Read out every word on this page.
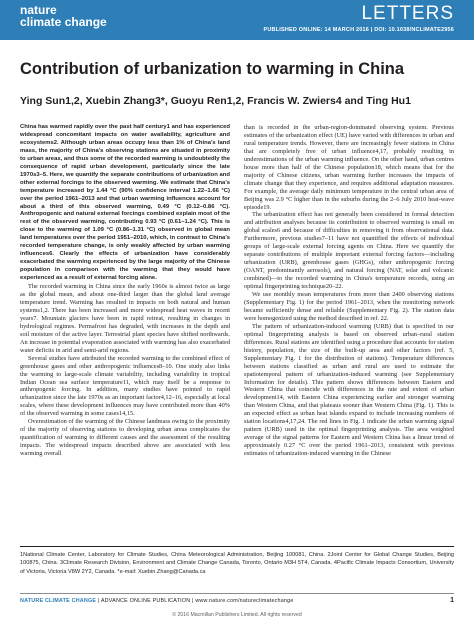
nature
climate change	LETTERS
PUBLISHED ONLINE: 14 MARCH 2016 | DOI: 10.1038/NCLIMATE2956
Contribution of urbanization to warming in China
Ying Sun1,2, Xuebin Zhang3*, Guoyu Ren1,2, Francis W. Zwiers4 and Ting Hu1

China has warmed rapidly over the past half century1 and has experienced widespread concomitant impacts on water availability, agriculture and ecosystems2. Although urban areas occupy less than 1% of China's land mass, the majority of China's observing stations are situated in proximity to urban areas, and thus some of the recorded warming is undoubtedly the consequence of rapid urban development, particularly since the late 1970s3–5. Here, we quantify the separate contributions of urbanization and other external forcings to the observed warming. We estimate that China's temperature increased by 1.44 °C (90% confidence interval 1.22–1.66 °C) over the period 1961–2013 and that urban warming influences account for about a third of this observed warming, 0.49 °C (0.12–0.86 °C). Anthropogenic and natural external forcings combined explain most of the rest of the observed warming, contributing 0.93 °C (0.61–1.24 °C). This is close to the warming of 1.09 °C (0.86–1.31 °C) observed in global mean land temperatures over the period 1951–2010, which, in contrast to China's recorded temperature change, is only weakly affected by urban warming influences6. Clearly the effects of urbanization have considerably exacerbated the warming experienced by the large majority of the Chinese population in comparison with the warming that they would have experienced as a result of external forcing alone.

The recorded warming in China since the early 1960s is almost twice as large as the global mean, and about one-third larger than the global land average temperature trend. Warming has resulted in impacts on both natural and human systems1,2. There has been increased and more widespread heat waves in recent years7. Mountain glaciers have been in rapid retreat, resulting in changes in hydrological regimes. Permafrost has degraded, with increases in the depth and soil moisture of the active layer. Terrestrial plant species have shifted northwards. An increase in potential evaporation associated with warming has also exacerbated water deficits in arid and semi-arid regions.

Several studies have attributed the recorded warming to the combined effect of greenhouse gases and other anthropogenic influences8–10. One study also links the warming to large-scale climate variability, including variability in tropical Indian Ocean sea surface temperature11, which may itself be a response to anthropogenic forcing. In addition, many studies have pointed to rapid urbanization since the late 1970s as an important factor4,12–16, especially at local scales, where these development influences may have contributed more than 40% of the observed warming in some cases14,15.

Overestimation of the warming of the Chinese landmass owing to the proximity of the majority of observing stations to developing urban areas complicates the quantification of warming to different causes and the assessment of the resulting impacts. The widespread impacts described above are associated with less warming overall

than is recorded in the urban-region-dominated observing system. Previous estimates of the urbanization effect (UE) have varied with differences in urban and rural temperature trends. However, there are increasingly fewer stations in China that are completely free of urban influence4,17, probably resulting in underestimations of the urban warming influence. On the other hand, urban centres house more than half of the Chinese population18, which means that for the majority of Chinese citizens, urban warming further increases the impacts of climate change that they experience, and requires additional adaptation measures. For example, the average daily minimum temperature in the central urban area of Beijing was 2.9 °C higher than in the suburbs during the 2–6 July 2010 heat-wave episode19.

The urbanization effect has not generally been considered in formal detection and attribution analyses because its contribution to observed warming is small on global scales6 and because of difficulties in removing it from observational data. Furthermore, previous studies7–11 have not quantified the effects of individual groups of large-scale external forcing agents on China. Here we quantify the separate contributions of multiple important external forcing factors—including urbanization (URB), greenhouse gases (GHGs), other anthropogenic forcing (OANT, predominantly aerosols), and natural forcing (NAT, solar and volcanic combined)—to the recorded warming in China's temperature records, using an optimal fingerprinting technique20–22.

We use monthly mean temperatures from more than 2400 observing stations (Supplementary Fig. 1) for the period 1961–2013, when the monitoring network became sufficiently dense and reliable (Supplementary Fig. 2). The station data were homogenized using the method described in ref. 22.

The pattern of urbanization-induced warming (URB) that is specified in our optimal fingerprinting analysis is based on observed urban–rural station differences. Rural stations are identified using a procedure that accounts for station history, population, the size of the built-up area and other factors (ref. 5, Supplementary Fig. 1 for the distribution of stations). Temperature differences between stations classified as urban and rural are used to estimate the spatiotemporal pattern of urbanization-induced warming (see Supplementary Information for details). This pattern shows differences between Eastern and Western China that coincide with differences in the rate and extent of urban development14, with Eastern China experiencing earlier and stronger warming than Western China, and that plateaus sooner than Western China (Fig. 1). This is an expected effect as urban heat islands expand to include increasing numbers of station locations4,17,24. The red lines in Fig. 1 indicate the urban warming signal pattern (URB) used in the optimal fingerprinting analysis. The area weighted average of the signal patterns for Eastern and Western China has a linear trend of approximately 0.27 °C over the period 1961–2013, consistent with previous estimates of urbanization-induced warming in the Chinese

1National Climate Center, Laboratory for Climate Studies, China Meteorological Administration, Beijing 100081, China. 2Joint Center for Global Change Studies, Beijing 100875, China. 3Climate Research Division, Environment and Climate Change Canada, Toronto, Ontario M3H 5T4, Canada. 4Pacific Climate Impacts Consortium, University of Victoria, Victoria V8W 2Y2, Canada. *e-mail: Xuebin.Zhang@Canada.ca
NATURE CLIMATE CHANGE | ADVANCE ONLINE PUBLICATION | www.nature.com/natureclimatechange	1
© 2016 Macmillan Publishers Limited. All rights reserved
